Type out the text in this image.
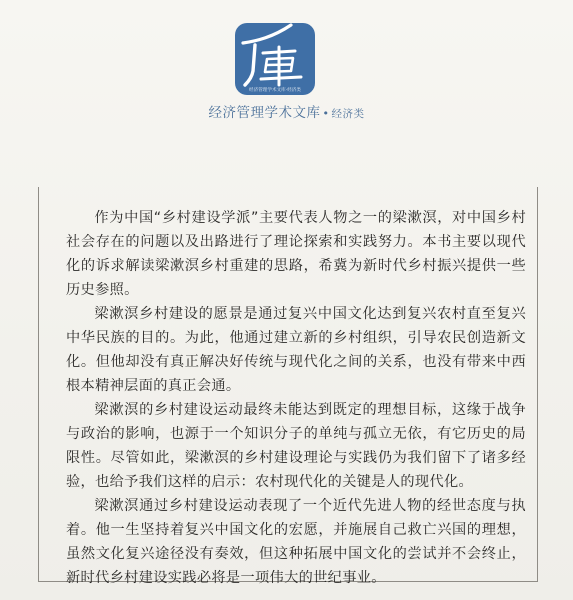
经济管理学术文库·经济类
经济管理学术文库 • 经济类

作为中国“乡村建设学派”主要代表人物之一的梁漱溟，对中国乡村社会存在的问题以及出路进行了理论探索和实践努力。本书主要以现代化的诉求解读梁漱溟乡村重建的思路，希冀为新时代乡村振兴提供一些历史参照。

梁漱溟乡村建设的愿景是通过复兴中国文化达到复兴农村直至复兴中华民族的目的。为此，他通过建立新的乡村组织，引导农民创造新文化。但他却没有真正解决好传统与现代化之间的关系，也没有带来中西根本精神层面的真正会通。

梁漱溟的乡村建设运动最终未能达到既定的理想目标，这缘于战争与政治的影响，也源于一个知识分子的单纯与孤立无依，有它历史的局限性。尽管如此，梁漱溟的乡村建设理论与实践仍为我们留下了诸多经验，也给予我们这样的启示：农村现代化的关键是人的现代化。

梁漱溟通过乡村建设运动表现了一个近代先进人物的经世态度与执着。他一生坚持着复兴中国文化的宏愿，并施展自己救亡兴国的理想，虽然文化复兴途径没有奏效，但这种拓展中国文化的尝试并不会终止，新时代乡村建设实践必将是一项伟大的世纪事业。
